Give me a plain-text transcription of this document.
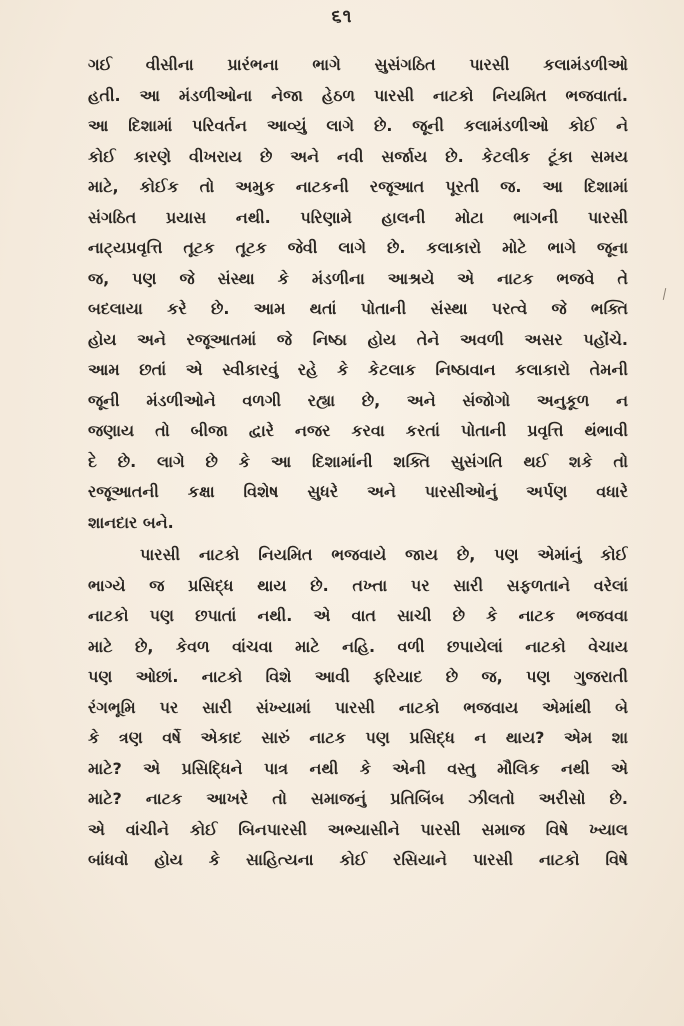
૬૧
ગઈ વીસીના પ્રારંભના ભાગે સુસંગઠિત પારસી કલામંડળીઓ
હતી. આ મંડળીઓના નેજા હેઠળ પારસી નાટકો નિયમિત ભજવાતાં.
આ દિશામાં પરિવર્તન આવ્યું લાગે છે. જૂની કલામંડળીઓ કોઈ ને
કોઈ કારણે વીખરાય છે અને નવી સર્જાય છે. કેટલીક ટૂંકા સમય
માટે, કોઈક તો અમુક નાટકની રજૂઆત પૂરતી જ. આ દિશામાં
સંગઠિત પ્રયાસ નથી. પરિણામે હાલની મોટા ભાગની પારસી
નાટ્યપ્રવૃત્તિ તૂટક તૂટક જેવી લાગે છે. કલાકારો મોટે ભાગે જૂના
જ, પણ જે સંસ્થા કે મંડળીના આશ્રયે એ નાટક ભજવે તે
બદલાયા કરે છે. આમ થતાં પોતાની સંસ્થા પરત્વે જે ભક્તિ
હોય અને રજૂઆતમાં જે નિષ્ઠા હોય તેને અવળી અસર પહોંચે.
આમ છતાં એ સ્વીકારવું રહે કે કેટલાક નિષ્ઠાવાન કલાકારો તેમની
જૂની મંડળીઓને વળગી રહ્યા છે, અને સંજોગો અનુકૂળ ન
જણાય તો બીજા દ્વારે નજર કરવા કરતાં પોતાની પ્રવૃત્તિ થંભાવી
દે છે. લાગે છે કે આ દિશામાંની શક્તિ સુસંગતિ થઈ શકે તો
રજૂઆતની કક્ષા વિશેષ સુધરે અને પારસીઓનું અર્પણ વધારે
શાનદાર બને.
પારસી નાટકો નિયમિત ભજવાયે જાય છે, પણ એમાંનું કોઈ
ભાગ્યે જ પ્રસિદ્ધ થાય છે. તખ્તા પર સારી સફળતાને વરેલાં
નાટકો પણ છપાતાં નથી. એ વાત સાચી છે કે નાટક ભજવવા
માટે છે, કેવળ વાંચવા માટે નહિ. વળી છપાયેલાં નાટકો વેચાય
પણ ઓછાં. નાટકો વિશે આવી ફરિયાદ છે જ, પણ ગુજરાતી
રંગભૂમિ પર સારી સંખ્યામાં પારસી નાટકો ભજવાય એમાંથી બે
કે ત્રણ વર્ષે એકાદ સારું નાટક પણ પ્રસિદ્ધ ન થાય? એમ શા
માટે? એ પ્રસિદ્ધિને પાત્ર નથી કે એની વસ્તુ મૌલિક નથી એ
માટે? નાટક આખરે તો સમાજનું પ્રતિબિંબ ઝીલતો અરીસો છે.
એ વાંચીને કોઈ બિનપારસી અભ્યાસીને પારસી સમાજ વિષે ખ્યાલ
બાંધવો હોય કે સાહિત્યના કોઈ રસિયાને પારસી નાટકો વિષે
